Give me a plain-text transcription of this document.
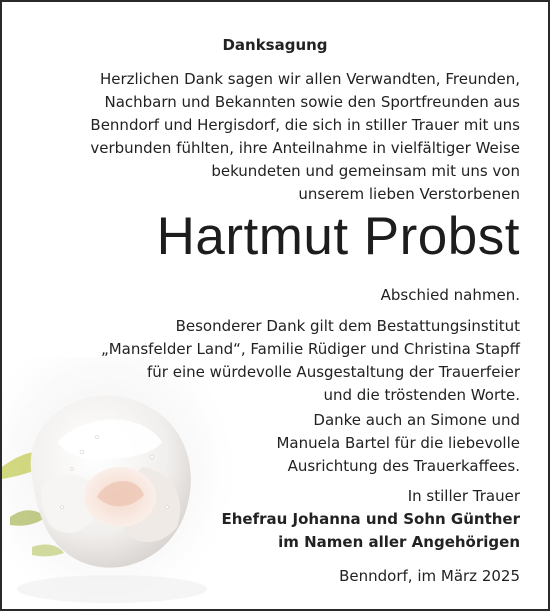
Danksagung
Herzlichen Dank sagen wir allen Verwandten, Freunden,
Nachbarn und Bekannten sowie den Sportfreunden aus
Benndorf und Hergisdorf, die sich in stiller Trauer mit uns
verbunden fühlten, ihre Anteilnahme in vielfältiger Weise
bekundeten und gemeinsam mit uns von
unserem lieben Verstorbenen
Hartmut Probst
Abschied nahmen.
Besonderer Dank gilt dem Bestattungsinstitut
„Mansfelder Land“, Familie Rüdiger und Christina Stapff
für eine würdevolle Ausgestaltung der Trauerfeier
und die tröstenden Worte.
Danke auch an Simone und
Manuela Bartel für die liebevolle
Ausrichtung des Trauerkaffees.
In stiller Trauer
Ehefrau Johanna und Sohn Günther
im Namen aller Angehörigen
Benndorf, im März 2025
